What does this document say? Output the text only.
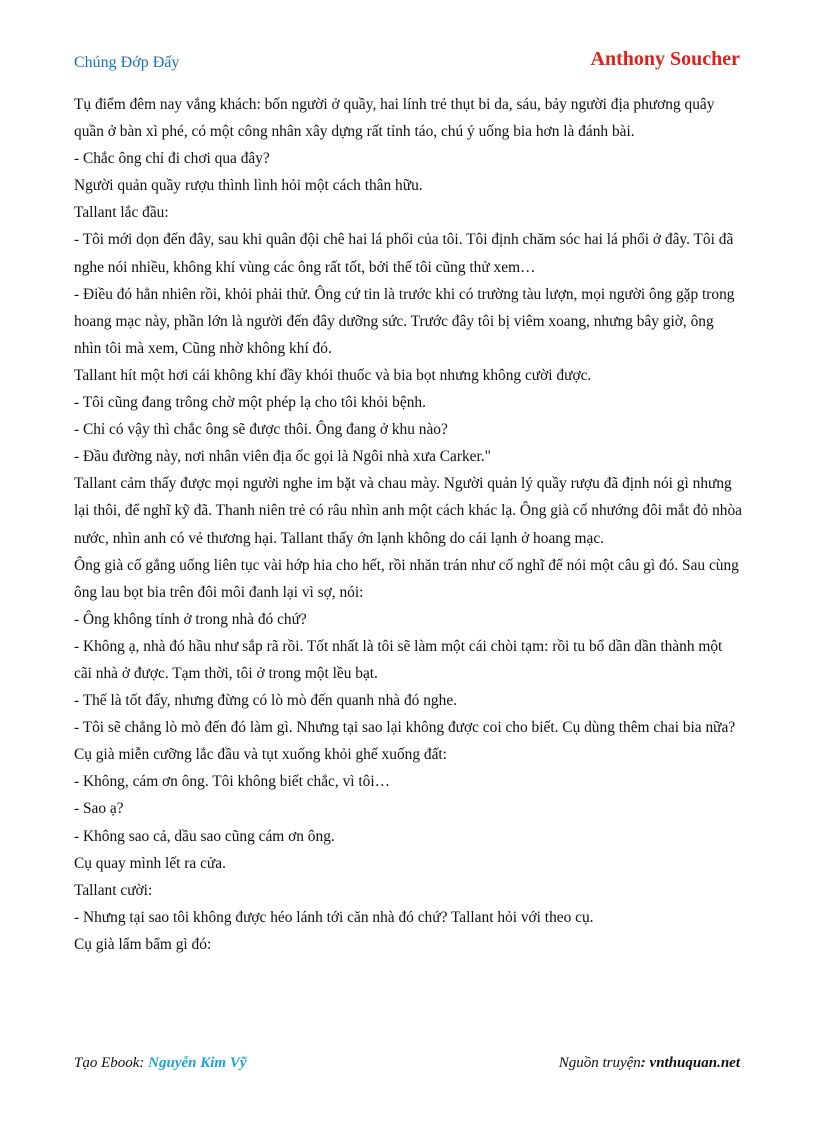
Chúng Đớp Đấy	Anthony Soucher

Tụ điểm đêm nay vắng khách: bốn người ở quầy, hai lính trẻ thụt bi da, sáu, bảy người địa phương quây quần ở bàn xì phé, có một công nhân xây dựng rất tỉnh táo, chú ý uống bia hơn là đánh bài.

- Chắc ông chỉ đi chơi qua đây?

Người quản quầy rượu thình lình hỏi một cách thân hữu.

Tallant lắc đầu:

- Tôi mới dọn đến đây, sau khi quân đội chê hai lá phổi của tôi. Tôi định chăm sóc hai lá phổi ở đây. Tôi đã nghe nói nhiều, không khí vùng các ông rất tốt, bởi thế tôi cũng thử xem…

- Điều đó hẳn nhiên rồi, khỏi phải thử. Ông cứ tin là trước khi có trường tàu lượn, mọi người ông gặp trong hoang mạc này, phần lớn là người đến đây dưỡng sức. Trước đây tôi bị viêm xoang, nhưng bây giờ, ông nhìn tôi mà xem, Cũng nhờ không khí đó.

Tallant hít một hơi cái không khí đầy khói thuốc và bia bọt nhưng không cười được.

- Tôi cũng đang trông chờ một phép lạ cho tôi khỏi bệnh.

- Chỉ có vậy thì chắc ông sẽ được thôi. Ông đang ở khu nào?

- Đầu đường này, nơi nhân viên địa ốc gọi là Ngôi nhà xưa Carker."

Tallant cảm thấy được mọi người nghe im bặt và chau mày. Người quản lý quầy rượu đã định nói gì nhưng lại thôi, để nghĩ kỹ đã. Thanh niên trẻ có râu nhìn anh một cách khác lạ. Ông già cố nhướng đôi mắt đỏ nhòa nước, nhìn anh có vẻ thương hại. Tallant thấy ớn lạnh không do cái lạnh ở hoang mạc.

Ông già cố gắng uống liên tục vài hớp hia cho hết, rồi nhăn trán như cố nghĩ để nói một câu gì đó. Sau cùng ông lau bọt bia trên đôi môi đanh lại vì sợ, nói:

- Ông không tính ở trong nhà đó chứ?

- Không ạ, nhà đó hầu như sắp rã rồi. Tốt nhất là tôi sẽ làm một cái chòi tạm: rồi tu bổ dần dần thành một cãi nhà ở được. Tạm thời, tôi ở trong một lều bạt.

- Thế là tốt đấy, nhưng đừng có lò mò đến quanh nhà đó nghe.

- Tôi sẽ chẳng lò mò đến đó làm gì. Nhưng tại sao lại không được coi cho biết. Cụ dùng thêm chai bia nữa?

Cụ già miễn cưỡng lắc đầu và tụt xuống khỏi ghế xuống đất:

- Không, cám ơn ông. Tôi không biết chắc, vì tôi…

- Sao ạ?

- Không sao cả, dầu sao cũng cám ơn ông.

Cụ quay mình lết ra cửa.

Tallant cười:

- Nhưng tại sao tôi không được héo lánh tới căn nhà đó chứ? Tallant hỏi với theo cụ.

Cụ già lẩm bẩm gì đó:

Tạo Ebook: Nguyễn Kim Vỹ	Nguồn truyện: vnthuquan.net
